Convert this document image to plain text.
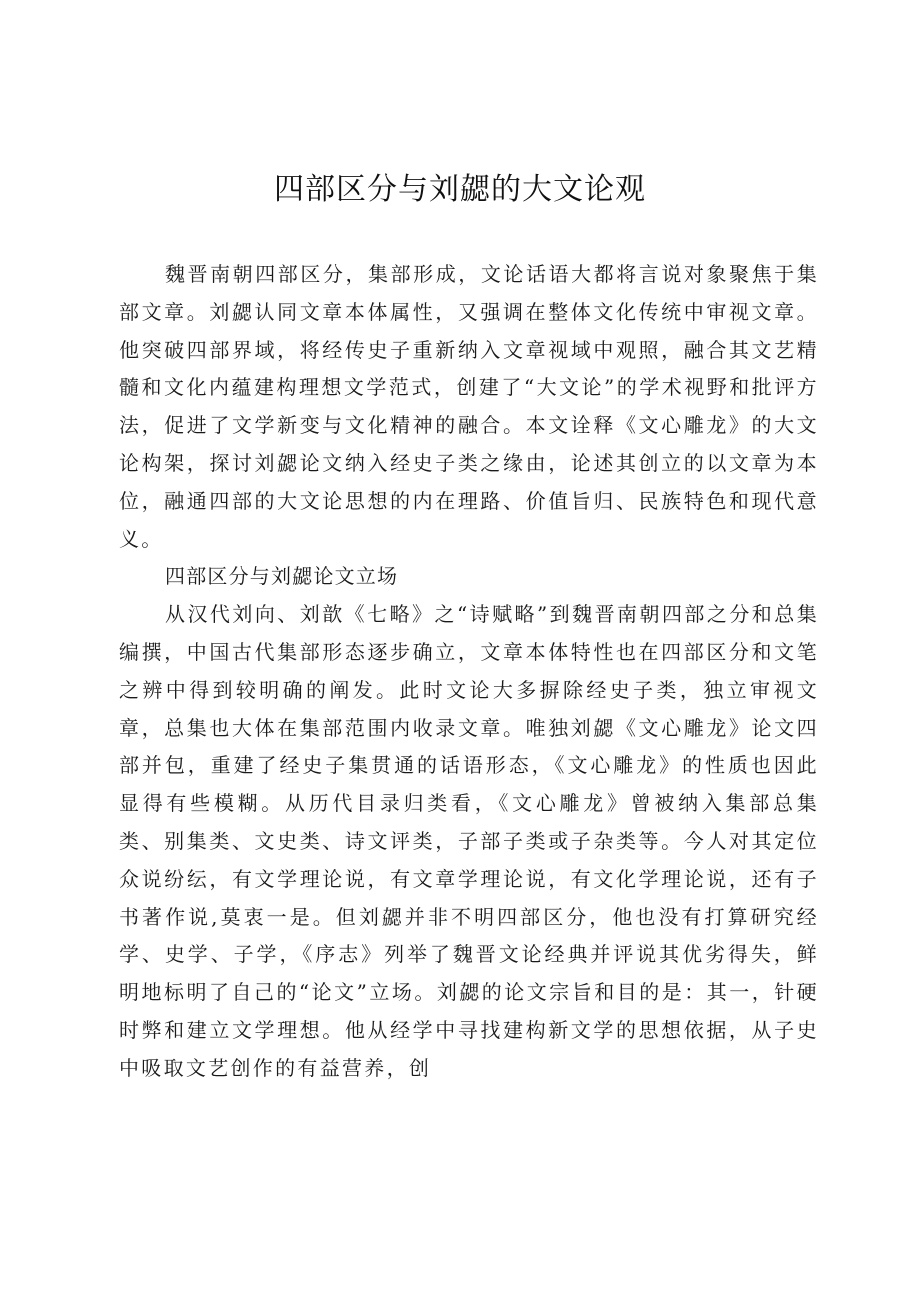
四部区分与刘勰的大文论观

魏晋南朝四部区分，集部形成，文论话语大都将言说对象聚焦于集部文章。刘勰认同文章本体属性，又强调在整体文化传统中审视文章。他突破四部界域，将经传史子重新纳入文章视域中观照，融合其文艺精髓和文化内蕴建构理想文学范式，创建了“大文论”的学术视野和批评方法，促进了文学新变与文化精神的融合。本文诠释《文心雕龙》的大文论构架，探讨刘勰论文纳入经史子类之缘由，论述其创立的以文章为本位，融通四部的大文论思想的内在理路、价值旨归、民族特色和现代意义。

四部区分与刘勰论文立场

从汉代刘向、刘歆《七略》之“诗赋略”到魏晋南朝四部之分和总集编撰，中国古代集部形态逐步确立，文章本体特性也在四部区分和文笔之辨中得到较明确的阐发。此时文论大多摒除经史子类，独立审视文章，总集也大体在集部范围内收录文章。唯独刘勰《文心雕龙》论文四部并包，重建了经史子集贯通的话语形态，《文心雕龙》的性质也因此显得有些模糊。从历代目录归类看，《文心雕龙》曾被纳入集部总集类、别集类、文史类、诗文评类，子部子类或子杂类等。今人对其定位众说纷纭，有文学理论说，有文章学理论说，有文化学理论说，还有子书著作说,莫衷一是。但刘勰并非不明四部区分，他也没有打算研究经学、史学、子学，《序志》列举了魏晋文论经典并评说其优劣得失，鲜明地标明了自己的“论文”立场。刘勰的论文宗旨和目的是：其一，针硬时弊和建立文学理想。他从经学中寻找建构新文学的思想依据，从子史中吸取文艺创作的有益营养，创
